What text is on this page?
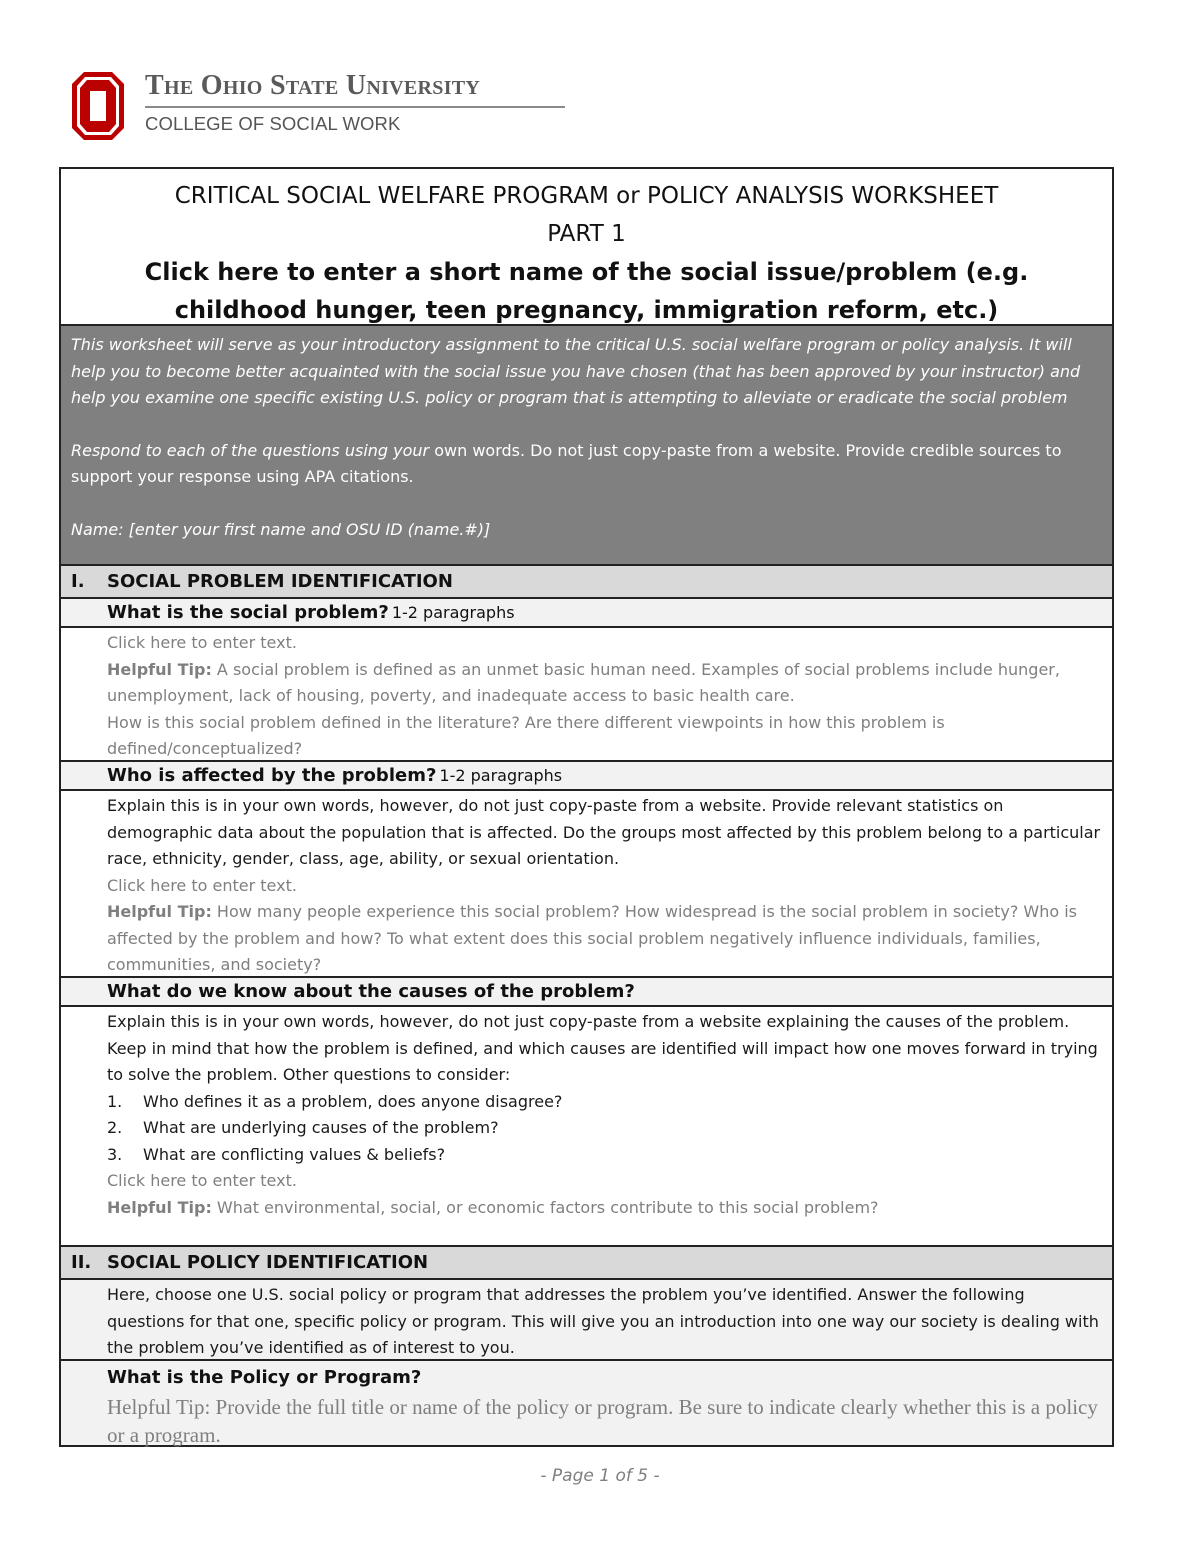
The Ohio State University
COLLEGE OF SOCIAL WORK
CRITICAL SOCIAL WELFARE PROGRAM or POLICY ANALYSIS WORKSHEET
PART 1
Click here to enter a short name of the social issue/problem (e.g. childhood hunger, teen pregnancy, immigration reform, etc.)

This worksheet will serve as your introductory assignment to the critical U.S. social welfare program or policy analysis. It will help you to become better acquainted with the social issue you have chosen (that has been approved by your instructor) and help you examine one specific existing U.S. policy or program that is attempting to alleviate or eradicate the social problem

Respond to each of the questions using your own words. Do not just copy-paste from a website. Provide credible sources to support your response using APA citations.

Name: [enter your first name and OSU ID (name.#)]

I.	SOCIAL PROBLEM IDENTIFICATION
What is the social problem? 1-2 paragraphs

Click here to enter text.

Helpful Tip: A social problem is defined as an unmet basic human need. Examples of social problems include hunger, unemployment, lack of housing, poverty, and inadequate access to basic health care.

How is this social problem defined in the literature? Are there different viewpoints in how this problem is defined/conceptualized?

Who is affected by the problem? 1-2 paragraphs

Explain this is in your own words, however, do not just copy-paste from a website. Provide relevant statistics on demographic data about the population that is affected. Do the groups most affected by this problem belong to a particular race, ethnicity, gender, class, age, ability, or sexual orientation.

Click here to enter text.

Helpful Tip: How many people experience this social problem? How widespread is the social problem in society? Who is affected by the problem and how? To what extent does this social problem negatively influence individuals, families, communities, and society?

What do we know about the causes of the problem?

Explain this is in your own words, however, do not just copy-paste from a website explaining the causes of the problem. Keep in mind that how the problem is defined, and which causes are identified will impact how one moves forward in trying to solve the problem. Other questions to consider:

1.	Who defines it as a problem, does anyone disagree?
2.	What are underlying causes of the problem?
3.	What are conflicting values & beliefs?

Click here to enter text.

Helpful Tip: What environmental, social, or economic factors contribute to this social problem?

II. SOCIAL POLICY IDENTIFICATION

Here, choose one U.S. social policy or program that addresses the problem you’ve identified. Answer the following questions for that one, specific policy or program. This will give you an introduction into one way our society is dealing with the problem you’ve identified as of interest to you.

What is the Policy or Program?
Helpful Tip: Provide the full title or name of the policy or program. Be sure to indicate clearly whether this is a policy or a program.
- Page 1 of 5 -
